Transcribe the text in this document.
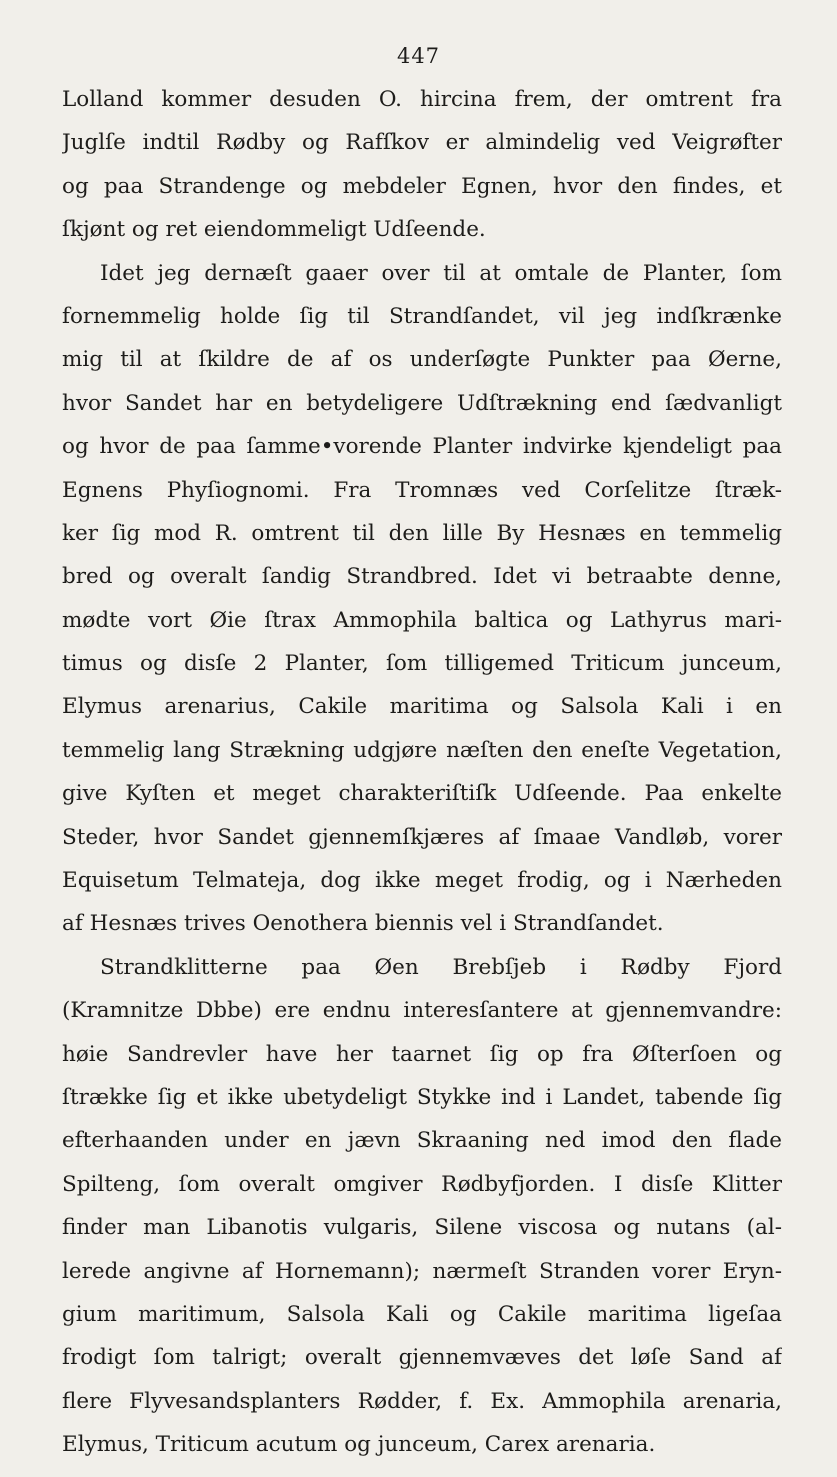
447
Lolland kommer desuden O. hircina frem, der omtrent fra
Juglſe indtil Rødby og Rafſkov er almindelig ved Veigrøfter
og paa Strandenge og mebdeler Egnen, hvor den findes, et
ſkjønt og ret eiendommeligt Udſeende.
Idet jeg dernæſt gaaer over til at omtale de Planter, ſom
fornemmelig holde ſig til Strandſandet, vil jeg indſkrænke
mig til at ſkildre de af os underſøgte Punkter paa Øerne,
hvor Sandet har en betydeligere Udſtrækning end ſædvanligt
og hvor de paa ſamme•vorende Planter indvirke kjendeligt paa
Egnens Phyſiognomi. Fra Tromnæs ved Corſelitze ſtræk-
ker ſig mod R. omtrent til den lille By Hesnæs en temmelig
bred og overalt ſandig Strandbred. Idet vi betraabte denne,
mødte vort Øie ſtrax Ammophila baltica og Lathyrus mari-
timus og disſe 2 Planter, ſom tilligemed Triticum junceum,
Elymus arenarius, Cakile maritima og Salsola Kali i en
temmelig lang Strækning udgjøre næſten den eneſte Vegetation,
give Kyſten et meget charakteriſtiſk Udſeende. Paa enkelte
Steder, hvor Sandet gjennemſkjæres af ſmaae Vandløb, vorer
Equisetum Telmateja, dog ikke meget frodig, og i Nærheden
af Hesnæs trives Oenothera biennis vel i Strandſandet.
Strandklitterne paa Øen Brebſjeb i Rødby Fjord
(Kramnitze Dbbe) ere endnu interesſantere at gjennemvandre:
høie Sandrevler have her taarnet ſig op fra Øſterſoen og
ſtrække ſig et ikke ubetydeligt Stykke ind i Landet, tabende ſig
efterhaanden under en jævn Skraaning ned imod den flade
Spilteng, ſom overalt omgiver Rødbyfjorden. I disſe Klitter
finder man Libanotis vulgaris, Silene viscosa og nutans (al-
lerede angivne af Hornemann); nærmeſt Stranden vorer Eryn-
gium maritimum, Salsola Kali og Cakile maritima ligeſaa
frodigt ſom talrigt; overalt gjennemvæves det løſe Sand af
flere Flyvesandsplanters Rødder, f. Ex. Ammophila arenaria,
Elymus, Triticum acutum og junceum, Carex arenaria.
